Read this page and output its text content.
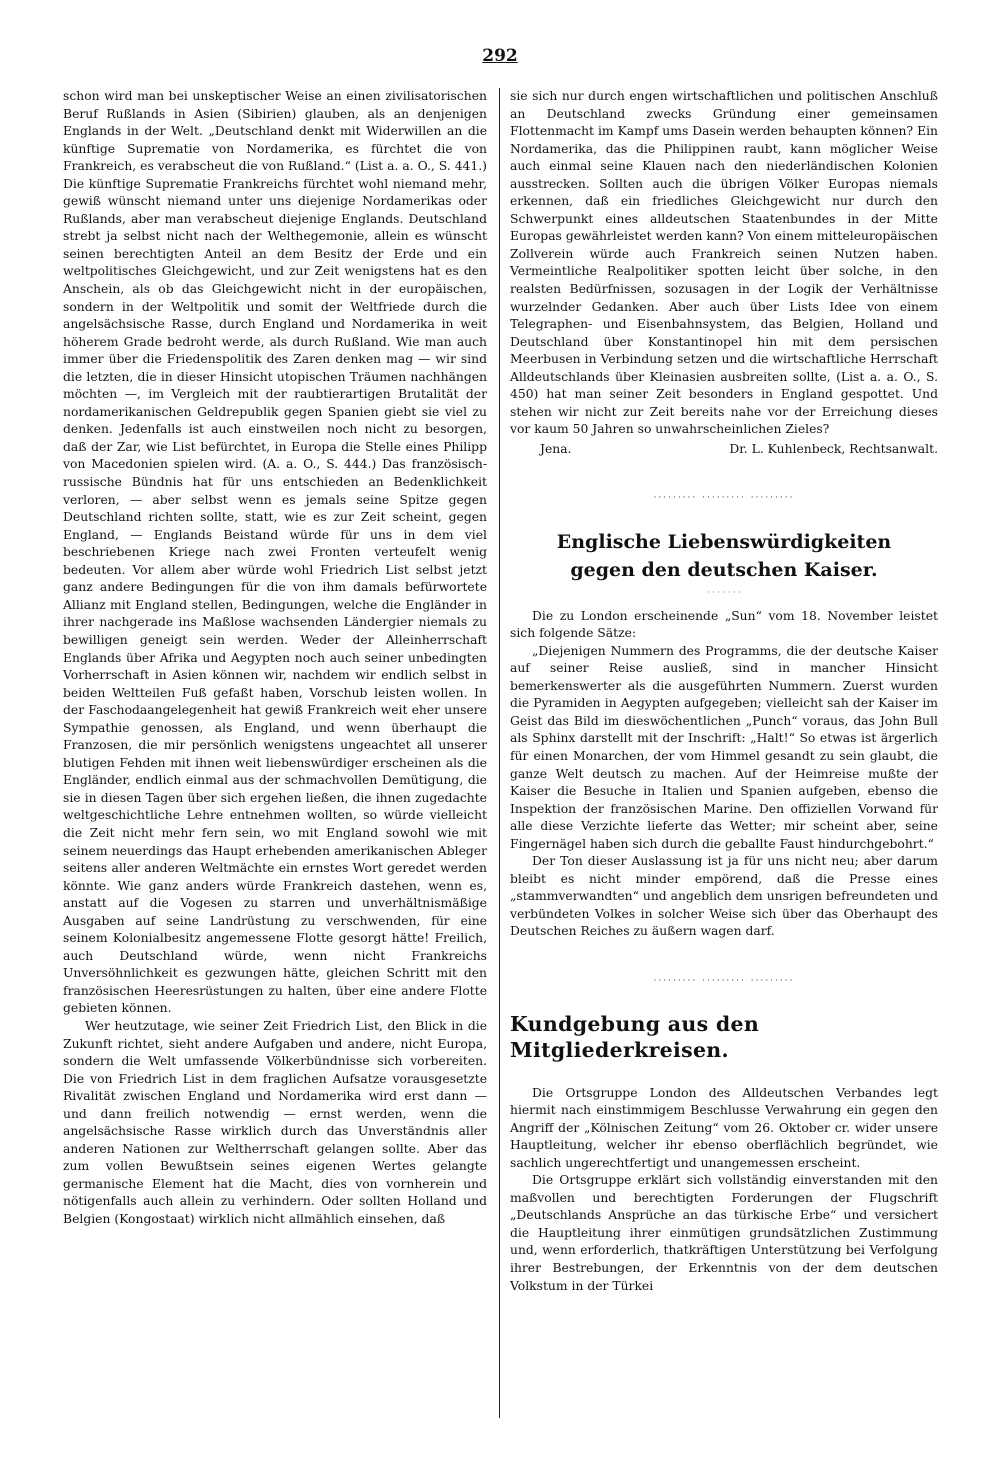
292

schon wird man bei unskeptischer Weise an einen zivilisatorischen Beruf Rußlands in Asien (Sibirien) glauben, als an denjenigen Englands in der Welt. „Deutschland denkt mit Widerwillen an die künftige Suprematie von Nordamerika, es fürchtet die von Frankreich, es verabscheut die von Rußland.“ (List a. a. O., S. 441.) Die künftige Suprematie Frankreichs fürchtet wohl niemand mehr, gewiß wünscht niemand unter uns diejenige Nordamerikas oder Rußlands, aber man verabscheut diejenige Englands. Deutschland strebt ja selbst nicht nach der Welthegemonie, allein es wünscht seinen berechtigten Anteil an dem Besitz der Erde und ein weltpolitisches Gleichgewicht, und zur Zeit wenigstens hat es den Anschein, als ob das Gleichgewicht nicht in der europäischen, sondern in der Weltpolitik und somit der Weltfriede durch die angelsächsische Rasse, durch England und Nordamerika in weit höherem Grade bedroht werde, als durch Rußland. Wie man auch immer über die Friedenspolitik des Zaren denken mag — wir sind die letzten, die in dieser Hinsicht utopischen Träumen nachhängen möchten —, im Vergleich mit der raubtierartigen Brutalität der nordamerikanischen Geldrepublik gegen Spanien giebt sie viel zu denken. Jedenfalls ist auch einstweilen noch nicht zu besorgen, daß der Zar, wie List befürchtet, in Europa die Stelle eines Philipp von Macedonien spielen wird. (A. a. O., S. 444.) Das französisch-russische Bündnis hat für uns entschieden an Bedenklichkeit verloren, — aber selbst wenn es jemals seine Spitze gegen Deutschland richten sollte, statt, wie es zur Zeit scheint, gegen England, — Englands Beistand würde für uns in dem viel beschriebenen Kriege nach zwei Fronten verteufelt wenig bedeuten. Vor allem aber würde wohl Friedrich List selbst jetzt ganz andere Bedingungen für die von ihm damals befürwortete Allianz mit England stellen, Bedingungen, welche die Engländer in ihrer nachgerade ins Maßlose wachsenden Ländergier niemals zu bewilligen geneigt sein werden. Weder der Alleinherrschaft Englands über Afrika und Aegypten noch auch seiner unbedingten Vorherrschaft in Asien können wir, nachdem wir endlich selbst in beiden Weltteilen Fuß gefaßt haben, Vorschub leisten wollen. In der Faschodaangelegenheit hat gewiß Frankreich weit eher unsere Sympathie genossen, als England, und wenn überhaupt die Franzosen, die mir persönlich wenigstens ungeachtet all unserer blutigen Fehden mit ihnen weit liebenswürdiger erscheinen als die Engländer, endlich einmal aus der schmachvollen Demütigung, die sie in diesen Tagen über sich ergehen ließen, die ihnen zugedachte weltgeschichtliche Lehre entnehmen wollten, so würde vielleicht die Zeit nicht mehr fern sein, wo mit England sowohl wie mit seinem neuerdings das Haupt erhebenden amerikanischen Ableger seitens aller anderen Weltmächte ein ernstes Wort geredet werden könnte. Wie ganz anders würde Frankreich dastehen, wenn es, anstatt auf die Vogesen zu starren und unverhältnismäßige Ausgaben auf seine Landrüstung zu verschwenden, für eine seinem Kolonialbesitz angemessene Flotte gesorgt hätte! Freilich, auch Deutschland würde, wenn nicht Frankreichs Unversöhnlichkeit es gezwungen hätte, gleichen Schritt mit den französischen Heeresrüstungen zu halten, über eine andere Flotte gebieten können.

Wer heutzutage, wie seiner Zeit Friedrich List, den Blick in die Zukunft richtet, sieht andere Aufgaben und andere, nicht Europa, sondern die Welt umfassende Völkerbündnisse sich vorbereiten. Die von Friedrich List in dem fraglichen Aufsatze vorausgesetzte Rivalität zwischen England und Nordamerika wird erst dann — und dann freilich notwendig — ernst werden, wenn die angelsächsische Rasse wirklich durch das Unverständnis aller anderen Nationen zur Weltherrschaft gelangen sollte. Aber das zum vollen Bewußtsein seines eigenen Wertes gelangte germanische Element hat die Macht, dies von vornherein und nötigenfalls auch allein zu verhindern. Oder sollten Holland und Belgien (Kongostaat) wirklich nicht allmählich einsehen, daß

sie sich nur durch engen wirtschaftlichen und politischen Anschluß an Deutschland zwecks Gründung einer gemeinsamen Flottenmacht im Kampf ums Dasein werden behaupten können? Ein Nordamerika, das die Philippinen raubt, kann möglicher Weise auch einmal seine Klauen nach den niederländischen Kolonien ausstrecken. Sollten auch die übrigen Völker Europas niemals erkennen, daß ein friedliches Gleichgewicht nur durch den Schwerpunkt eines alldeutschen Staatenbundes in der Mitte Europas gewährleistet werden kann? Von einem mitteleuropäischen Zollverein würde auch Frankreich seinen Nutzen haben. Vermeintliche Realpolitiker spotten leicht über solche, in den realsten Bedürfnissen, sozusagen in der Logik der Verhältnisse wurzelnder Gedanken. Aber auch über Lists Idee von einem Telegraphen- und Eisenbahnsystem, das Belgien, Holland und Deutschland über Konstantinopel hin mit dem persischen Meerbusen in Verbindung setzen und die wirtschaftliche Herrschaft Alldeutschlands über Kleinasien ausbreiten sollte, (List a. a. O., S. 450) hat man seiner Zeit besonders in England gespottet. Und stehen wir nicht zur Zeit bereits nahe vor der Erreichung dieses vor kaum 50 Jahren so unwahrscheinlichen Zieles?

Jena.	Dr. L. Kuhlenbeck, Rechtsanwalt.
········· ········· ·········

Englische Liebenswürdigkeiten

gegen den deutschen Kaiser.

· · · · · · ·

Die zu London erscheinende „Sun“ vom 18. November leistet sich folgende Sätze:

„Diejenigen Nummern des Programms, die der deutsche Kaiser auf seiner Reise ausließ, sind in mancher Hinsicht bemerkenswerter als die ausgeführten Nummern. Zuerst wurden die Pyramiden in Aegypten aufgegeben; vielleicht sah der Kaiser im Geist das Bild im dieswöchentlichen „Punch“ voraus, das John Bull als Sphinx darstellt mit der Inschrift: „Halt!“ So etwas ist ärgerlich für einen Monarchen, der vom Himmel gesandt zu sein glaubt, die ganze Welt deutsch zu machen. Auf der Heimreise mußte der Kaiser die Besuche in Italien und Spanien aufgeben, ebenso die Inspektion der französischen Marine. Den offiziellen Vorwand für alle diese Verzichte lieferte das Wetter; mir scheint aber, seine Fingernägel haben sich durch die geballte Faust hindurchgebohrt.“

Der Ton dieser Auslassung ist ja für uns nicht neu; aber darum bleibt es nicht minder empörend, daß die Presse eines „stammverwandten“ und angeblich dem unsrigen befreundeten und verbündeten Volkes in solcher Weise sich über das Oberhaupt des Deutschen Reiches zu äußern wagen darf.

········· ········· ·········

Kundgebung aus den Mitgliederkreisen.

Die Ortsgruppe London des Alldeutschen Verbandes legt hiermit nach einstimmigem Beschlusse Verwahrung ein gegen den Angriff der „Kölnischen Zeitung“ vom 26. Oktober cr. wider unsere Hauptleitung, welcher ihr ebenso oberflächlich begründet, wie sachlich ungerechtfertigt und unangemessen erscheint.

Die Ortsgruppe erklärt sich vollständig einverstanden mit den maßvollen und berechtigten Forderungen der Flugschrift „Deutschlands Ansprüche an das türkische Erbe“ und versichert die Hauptleitung ihrer einmütigen grundsätzlichen Zustimmung und, wenn erforderlich, thatkräftigen Unterstützung bei Verfolgung ihrer Bestrebungen, der Erkenntnis von der dem deutschen Volkstum in der Türkei
